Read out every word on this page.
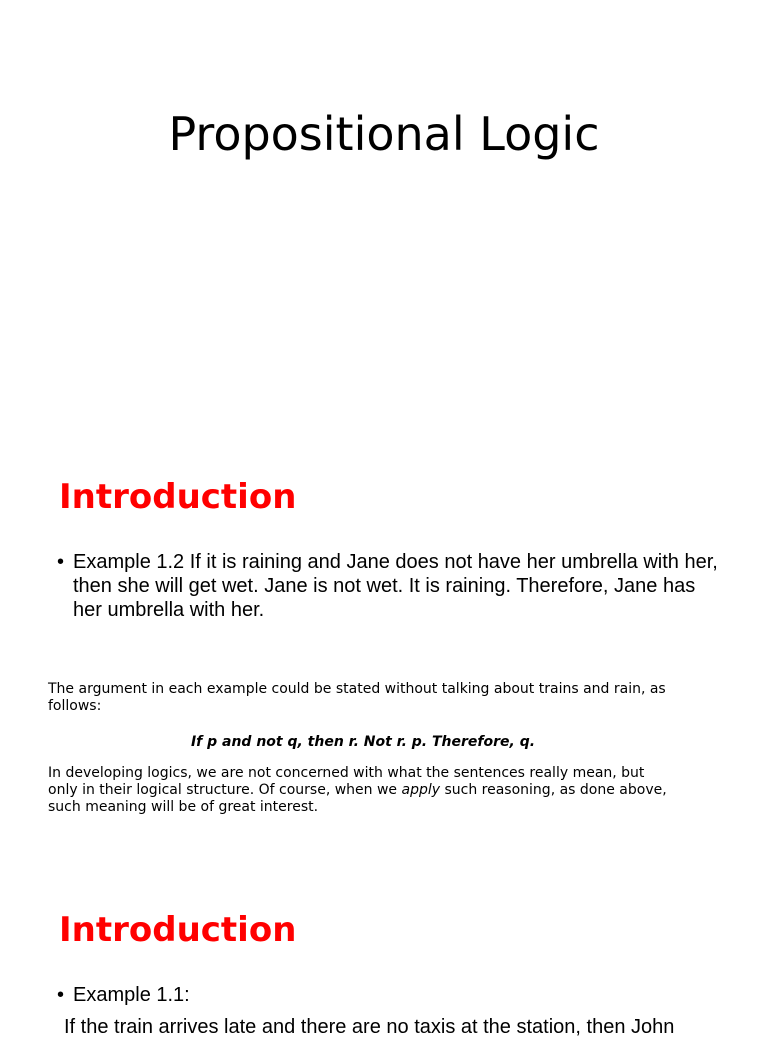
Propositional Logic
Introduction
• Example 1.2 If it is raining and Jane does not have her umbrella with her, then she will get wet. Jane is not wet. It is raining. Therefore, Jane has her umbrella with her.

The argument in each example could be stated without talking about trains and rain, as follows:

If p and not q, then r. Not r. p. Therefore, q.

In developing logics, we are not concerned with what the sentences really mean, but only in their logical structure. Of course, when we apply such reasoning, as done above, such meaning will be of great interest.

Introduction
• Example 1.1:
If the train arrives late and there are no taxis at the station, then John
